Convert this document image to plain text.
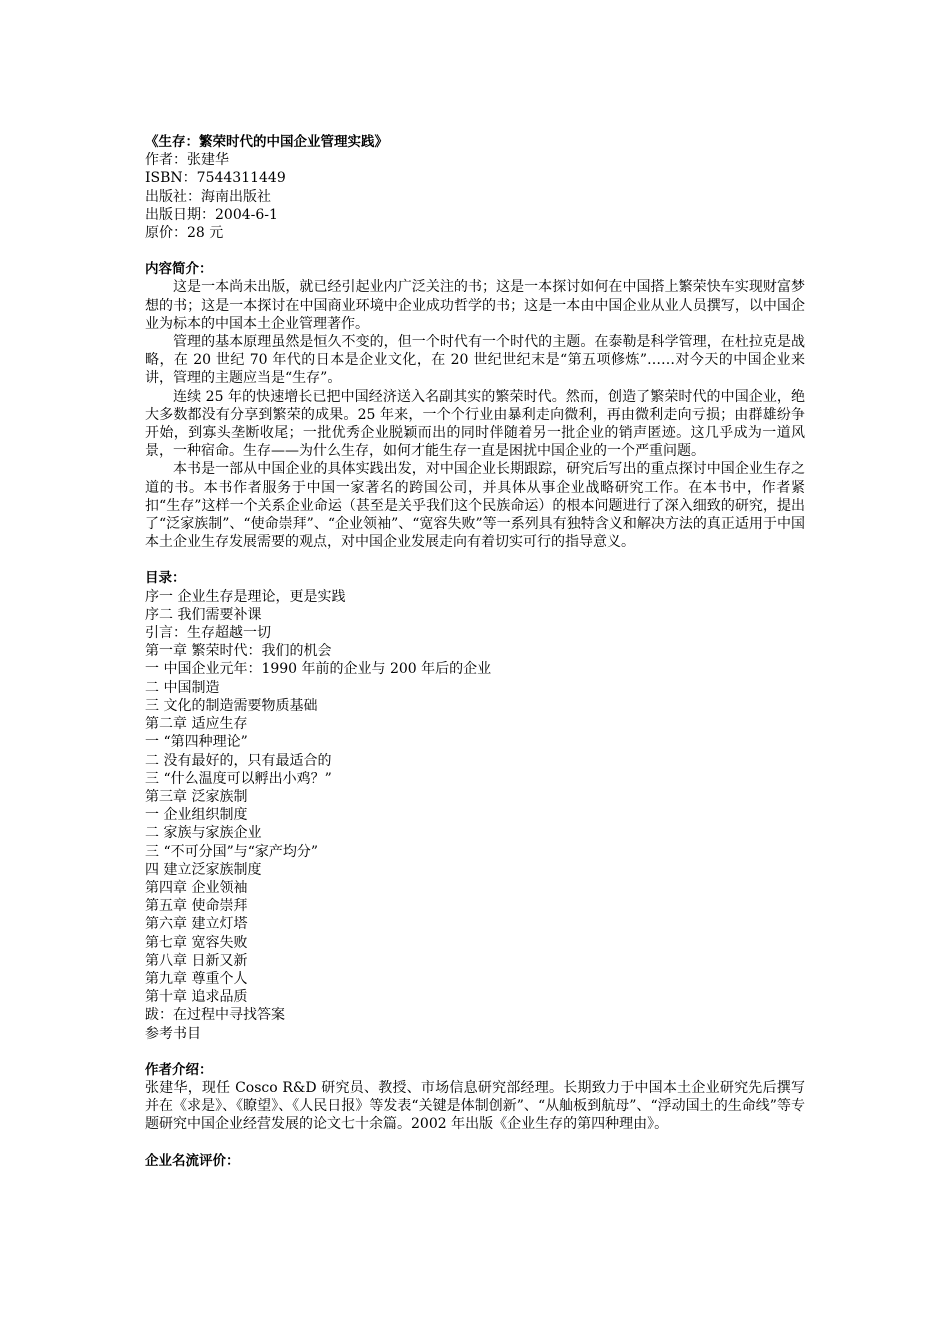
《生存：繁荣时代的中国企业管理实践》

作者：张建华

ISBN：7544311449

出版社：海南出版社

出版日期：2004-6-1

原价：28 元

内容简介：

这是一本尚未出版，就已经引起业内广泛关注的书；这是一本探讨如何在中国搭上繁荣快车实现财富梦想的书；这是一本探讨在中国商业环境中企业成功哲学的书；这是一本由中国企业从业人员撰写，以中国企业为标本的中国本土企业管理著作。

管理的基本原理虽然是恒久不变的，但一个时代有一个时代的主题。在泰勒是科学管理，在杜拉克是战略，在 20 世纪 70 年代的日本是企业文化，在 20 世纪世纪末是“第五项修炼”……对今天的中国企业来讲，管理的主题应当是“生存”。

连续 25 年的快速增长已把中国经济送入名副其实的繁荣时代。然而，创造了繁荣时代的中国企业，绝大多数都没有分享到繁荣的成果。25 年来，一个个行业由暴利走向微利，再由微利走向亏损；由群雄纷争开始，到寡头垄断收尾；一批优秀企业脱颖而出的同时伴随着另一批企业的销声匿迹。这几乎成为一道风景，一种宿命。生存——为什么生存，如何才能生存一直是困扰中国企业的一个严重问题。

本书是一部从中国企业的具体实践出发，对中国企业长期跟踪，研究后写出的重点探讨中国企业生存之道的书。本书作者服务于中国一家著名的跨国公司，并具体从事企业战略研究工作。在本书中，作者紧扣“生存”这样一个关系企业命运（甚至是关乎我们这个民族命运）的根本问题进行了深入细致的研究，提出了“泛家族制”、“使命崇拜”、“企业领袖”、“宽容失败”等一系列具有独特含义和解决方法的真正适用于中国本土企业生存发展需要的观点，对中国企业发展走向有着切实可行的指导意义。

目录：

序一 企业生存是理论，更是实践

序二 我们需要补课

引言：生存超越一切

第一章 繁荣时代：我们的机会

一 中国企业元年：1990 年前的企业与 200 年后的企业

二 中国制造

三 文化的制造需要物质基础

第二章 适应生存

一 “第四种理论”

二 没有最好的，只有最适合的

三 “什么温度可以孵出小鸡？”

第三章 泛家族制

一 企业组织制度

二 家族与家族企业

三 “不可分国”与“家产均分”

四 建立泛家族制度

第四章 企业领袖

第五章 使命崇拜

第六章 建立灯塔

第七章 宽容失败

第八章 日新又新

第九章 尊重个人

第十章 追求品质

跋：在过程中寻找答案

参考书目

作者介绍：

张建华，现任 Cosco R&D 研究员、教授、市场信息研究部经理。长期致力于中国本土企业研究先后撰写并在《求是》、《瞭望》、《人民日报》等发表“关键是体制创新”、“从舢板到航母”、“浮动国土的生命线”等专题研究中国企业经营发展的论文七十余篇。2002 年出版《企业生存的第四种理由》。

企业名流评价：
